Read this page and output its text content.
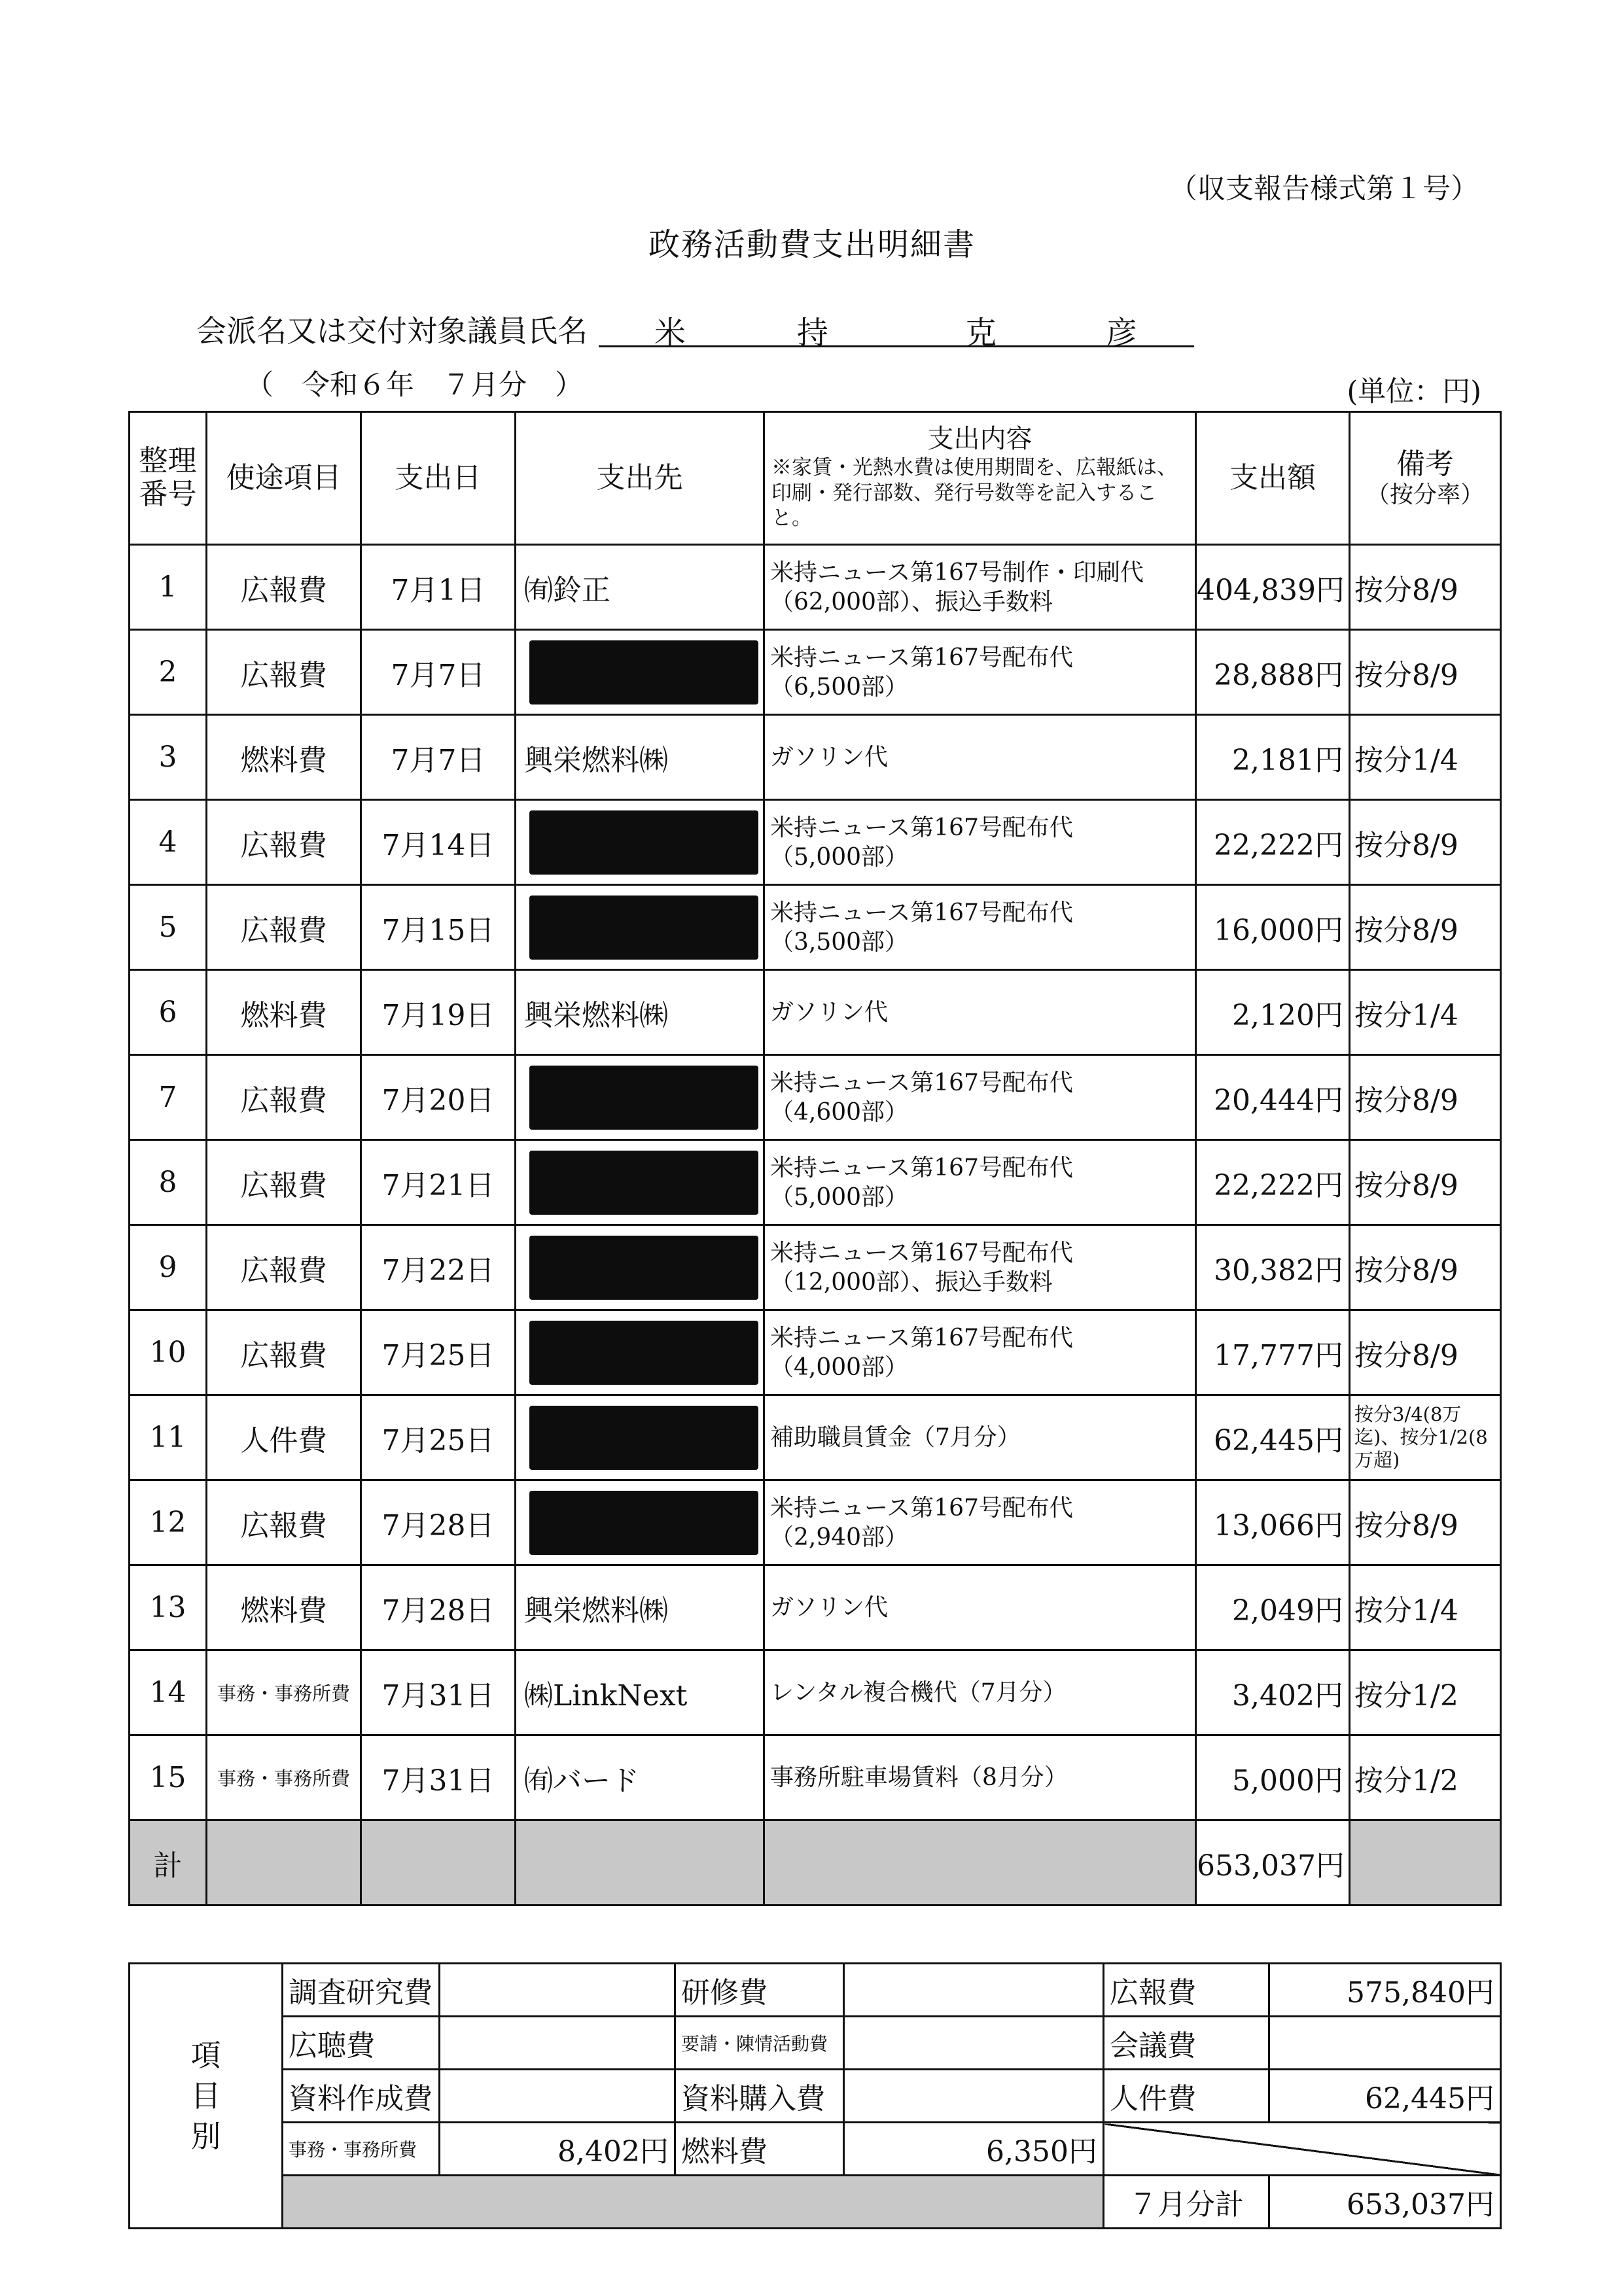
（収支報告様式第１号）
政務活動費支出明細書
会派名又は交付対象議員氏名 米	持	克	彦
（　令和６年　７月分　）	(単位：円)
整理
番号	使途項目	支出日	支出先	支出内容
※家賃・光熱水費は使用期間を、広報紙は、印刷・発行部数、発行号数等を記入すること。	支出額	備考
（按分率）

1	広報費	7月1日	㈲鈴正	米持ニュース第167号制作・印刷代
（62,000部）、振込手数料	404,839円	按分8/9
2	広報費	7月7日		米持ニュース第167号配布代
（6,500部）	28,888円	按分8/9
3	燃料費	7月7日	興栄燃料㈱	ガソリン代	2,181円	按分1/4
4	広報費	7月14日		米持ニュース第167号配布代
（5,000部）	22,222円	按分8/9
5	広報費	7月15日		米持ニュース第167号配布代
（3,500部）	16,000円	按分8/9
6	燃料費	7月19日	興栄燃料㈱	ガソリン代	2,120円	按分1/4
7	広報費	7月20日		米持ニュース第167号配布代
（4,600部）	20,444円	按分8/9
8	広報費	7月21日		米持ニュース第167号配布代
（5,000部）	22,222円	按分8/9
9	広報費	7月22日		米持ニュース第167号配布代
（12,000部）、振込手数料	30,382円	按分8/9
10	広報費	7月25日		米持ニュース第167号配布代
（4,000部）	17,777円	按分8/9
11	人件費	7月25日		補助職員賃金（7月分）	62,445円	按分3/4(8万迄)、按分1/2(8万超)
12	広報費	7月28日		米持ニュース第167号配布代
（2,940部）	13,066円	按分8/9
13	燃料費	7月28日	興栄燃料㈱	ガソリン代	2,049円	按分1/4
14	事務・事務所費	7月31日	㈱LinkNext	レンタル複合機代（7月分）	3,402円	按分1/2
15	事務・事務所費	7月31日	㈲バード	事務所駐車場賃料（8月分）	5,000円	按分1/2
計					653,037円	
項
目
別	調査研究費		研修費		広報費	575,840円
	広聴費		要請・陳情活動費		会議費	
	資料作成費		資料購入費		人件費	62,445円
	事務・事務所費	8,402円	燃料費	6,350円		
					７月分計	653,037円
